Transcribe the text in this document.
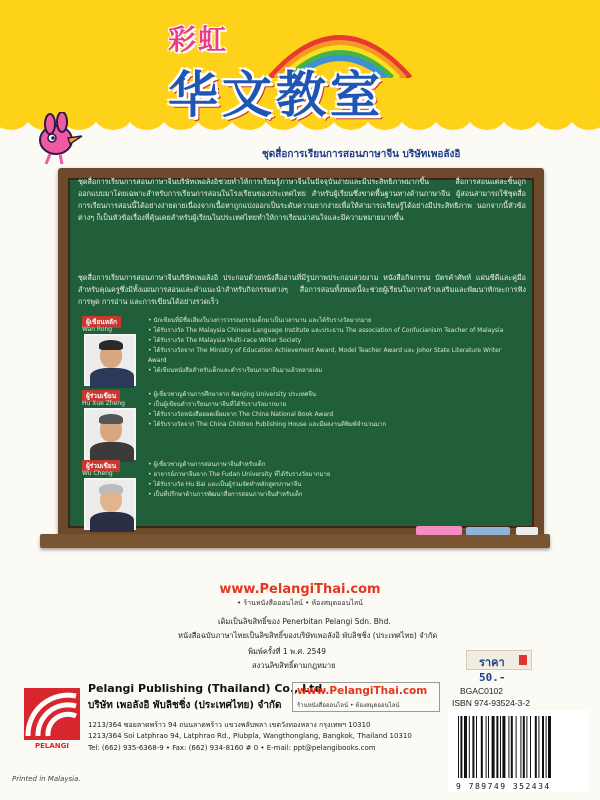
彩虹
华文教室
ชุดสื่อการเรียนการสอนภาษาจีน บริษัทเพอลังอิ
ชุดสื่อการเรียนการสอนภาษาจีนบริษัทเพอลังอิช่วยทำให้การเรียนรู้ภาษาจีนในปัจจุบันง่ายและมีประสิทธิภาพมากขึ้น สื่อการสอนแต่ละชิ้นถูกออกแบบมาโดยเฉพาะสำหรับการเรียนการสอนในโรงเรียนของประเทศไทย สำหรับผู้เรียนซึ่งขาดพื้นฐานทางด้านภาษาจีน ผู้สอนสามารถใช้ชุดสื่อการเรียนการสอนนี้ได้อย่างง่ายดายเนื่องจากเนื้อหาถูกแบ่งออกเป็นระดับความยากง่ายเพื่อให้สามารถเรียนรู้ได้อย่างมีประสิทธิภาพ นอกจากนี้หัวข้อต่างๆ ก็เป็นหัวข้อเรื่องที่คุ้นเคยสำหรับผู้เรียนในประเทศไทยทำให้การเรียนน่าสนใจและมีความหมายมากขึ้น
ชุดสื่อการเรียนการสอนภาษาจีนบริษัทเพอลังอิ ประกอบด้วยหนังสืออ่านที่มีรูปภาพประกอบสวยงาม หนังสือกิจกรรม บัตรคำศัพท์ แผ่นซีดีและคู่มือสำหรับคุณครูซึ่งมีทั้งแผนการสอนและคำแนะนำสำหรับกิจกรรมต่างๆ สื่อการสอนทั้งหมดนี้จะช่วยผู้เรียนในการสร้างเสริมและพัฒนาทักษะการฟัง การพูด การอ่าน และการเขียนได้อย่างรวดเร็ว
ผู้เขียนหลัก
Wan Rong
• นักเขียนที่มีชื่อเสียงในวงการวรรณกรรมเด็กมาเป็นเวลานาน และได้รับรางวัลมากมาย
• ได้รับรางวัล The Malaysia Chinese Language Institute และประธาน The association of Confucianism Teacher of Malaysia
• ได้รับรางวัล The Malaysia Multi-race Writer Society
• ได้รับรางวัลจาก The Ministry of Education Achievement Award, Model Teacher Award และ Johor State Literature Writer Award
• ได้เขียนหนังสือสำหรับเด็กและตำราเรียนภาษาจีนมาแล้วหลายเล่ม
ผู้ร่วมเขียน
Hu Xue Zheng
• ผู้เชี่ยวชาญด้านการศึกษาจาก Nanjing University ประเทศจีน
• เป็นผู้เขียนตำราเรียนภาษาจีนที่ได้รับรางวัลมากมาย
• ได้รับรางวัลหนังสือยอดเยี่ยมจาก The China National Book Award
• ได้รับรางวัลจาก The China Children Publishing House และมีผลงานตีพิมพ์จำนวนมาก
ผู้ร่วมเขียน
Wu Cheng
• ผู้เชี่ยวชาญด้านการสอนภาษาจีนสำหรับเด็ก
• อาจารย์ภาษาจีนจาก The Fudan University ที่ได้รับรางวัลมากมาย
• ได้รับรางวัล Hu Bai และเป็นผู้ร่วมจัดทำหลักสูตรภาษาจีน
• เป็นที่ปรึกษาด้านการพัฒนาสื่อการสอนภาษาจีนสำหรับเด็ก
www.PelangiThai.com
• ร้านหนังสือออนไลน์ • ห้องสมุดออนไลน์
เดิมเป็นลิขสิทธิ์ของ Penerbitan Pelangi Sdn. Bhd.
หนังสือฉบับภาษาไทยเป็นลิขสิทธิ์ของบริษัทเพอลังอิ พับลิชชิ่ง (ประเทศไทย) จำกัด
พิมพ์ครั้งที่ 1 พ.ศ. 2549
สงวนลิขสิทธิ์ตามกฎหมาย	ราคา 50.-
PELANGI
Pelangi Publishing (Thailand) Co., Ltd.
บริษัท เพอลังอิ พับลิชชิ่ง (ประเทศไทย) จำกัด
www.PelangiThai.com
ร้านหนังสือออนไลน์ • ห้องสมุดออนไลน์
1213/364 ซอยลาดพร้าว 94 ถนนลาดพร้าว แขวงพลับพลา เขตวังทองหลาง กรุงเทพฯ 10310
1213/364 Soi Latphrao 94, Latphrao Rd., Plubpla, Wangthonglang, Bangkok, Thailand 10310
Tel: (662) 935-6368-9 • Fax: (662) 934-8160 # 0 • E-mail: ppt@pelangibooks.com
Printed in Malaysia.
BGAC0102
ISBN 974-93524-3-2
9 789749 352434
